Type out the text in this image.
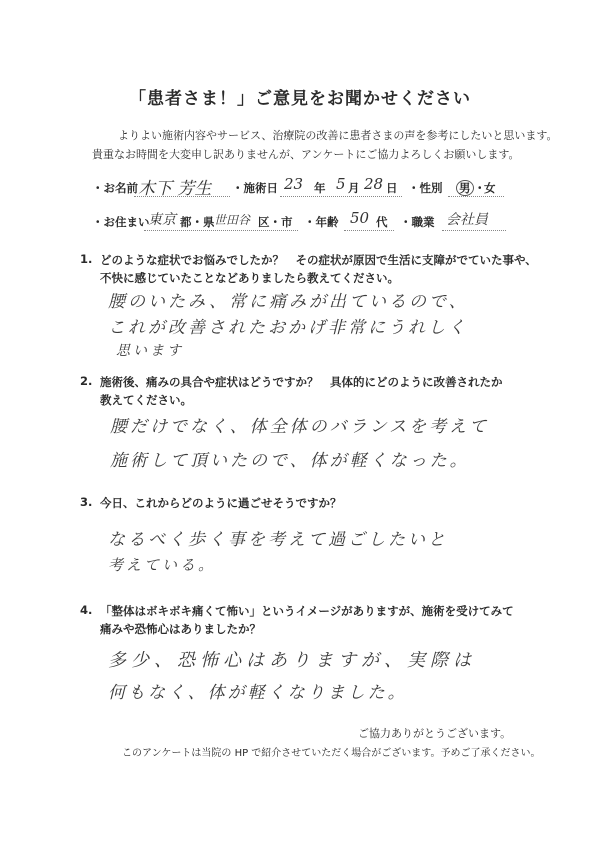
「患者さま！」ご意見をお聞かせください
よりよい施術内容やサービス、治療院の改善に患者さまの声を参考にしたいと思います。
貴重なお時間を大変申し訳ありませんが、アンケートにご協力よろしくお願いします。
・お名前 木下 芳生 ・施術日 23 年 5 月 28 日 ・性別 男 ・
女
・お住まい
東京 都・県 世田谷 区・市 ・年齢 50 代 ・職業 会社員
1. どのような症状でお悩みでしたか？　その症状が原因で生活に支障がでていた事や、
不快に感じていたことなどありましたら教えてください。
腰のいたみ、常に痛みが出ているので、
これが改善されたおかげ非常にうれしく
思います
2. 施術後、痛みの具合や症状はどうですか？　具体的にどのように改善されたか
教えてください。
腰だけでなく、体全体のバランスを考えて
施術して頂いたので、体が軽くなった。
3. 今日、これからどのように過ごせそうですか？
なるべく歩く事を考えて過ごしたいと
考えている。
4. 「整体はボキボキ痛くて怖い」というイメージがありますが、施術を受けてみて
痛みや恐怖心はありましたか？
多少、恐怖心はありますが、実際は
何もなく、体が軽くなりました。
ご協力ありがとうございます。
このアンケートは当院の HP で紹介させていただく場合がございます。予めご了承ください。
